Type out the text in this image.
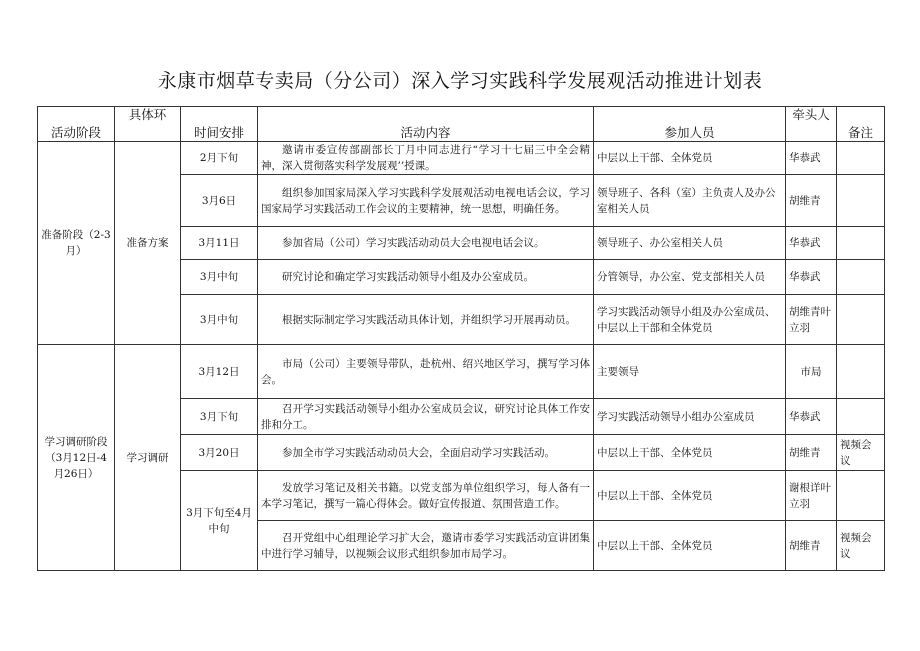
永康市烟草专卖局（分公司）深入学习实践科学发展观活动推进计划表
活动阶段	具体环	时间安排	活动内容	参加人员	牵头人	备注
准备阶段（2-3月）	准备方案	2月下旬	邀请市委宣传部副部长丁月中同志进行“学习十七届三中全会精神，深入贯彻落实科学发展观’’授课。	中层以上干部、全体党员	华恭武	
		3月6日	组织参加国家局深入学习实践科学发展观活动电视电话会议，学习国家局学习实践活动工作会议的主要精神，统一思想，明确任务。	领导班子、各科（室）主负责人及办公室相关人员	胡维青	
		3月11日	参加省局（公司）学习实践活动动员大会电视电话会议。	领导班子、办公室相关人员	华恭武	
		3月中旬	研究讨论和确定学习实践活动领导小组及办公室成员。	分管领导，办公室、党支部相关人员	华恭武	
		3月中旬	根据实际制定学习实践活动具体计划，并组织学习开展再动员。	学习实践活动领导小组及办公室成员、中层以上干部和全体党员	胡维青叶立羽	
学习调研阶段（3月12日-4月26日）	学习调研	3月12日	市局（公司）主要领导带队，赴杭州、绍兴地区学习，撰写学习体会。	主要领导	市局	
		3月下旬	召开学习实践活动领导小组办公室成员会议，研究讨论具体工作安排和分工。	学习实践活动领导小组办公室成员	华恭武	
		3月20日	参加全市学习实践活动动员大会，全面启动学习实践活动。	中层以上干部、全体党员	胡维青	视频会议
		3月下旬至4月中旬	发放学习笔记及相关书籍。以党支部为单位组织学习，每人备有一本学习笔记，撰写一篇心得体会。做好宣传报道、氛围营造工作。	中层以上干部、全体党员	谢根详叶立羽	
			召开党组中心组理论学习扩大会，邀请市委学习实践活动宣讲团集中进行学习辅导，以视频会议形式组织参加市局学习。	中层以上干部、全体党员	胡维青	视频会议
